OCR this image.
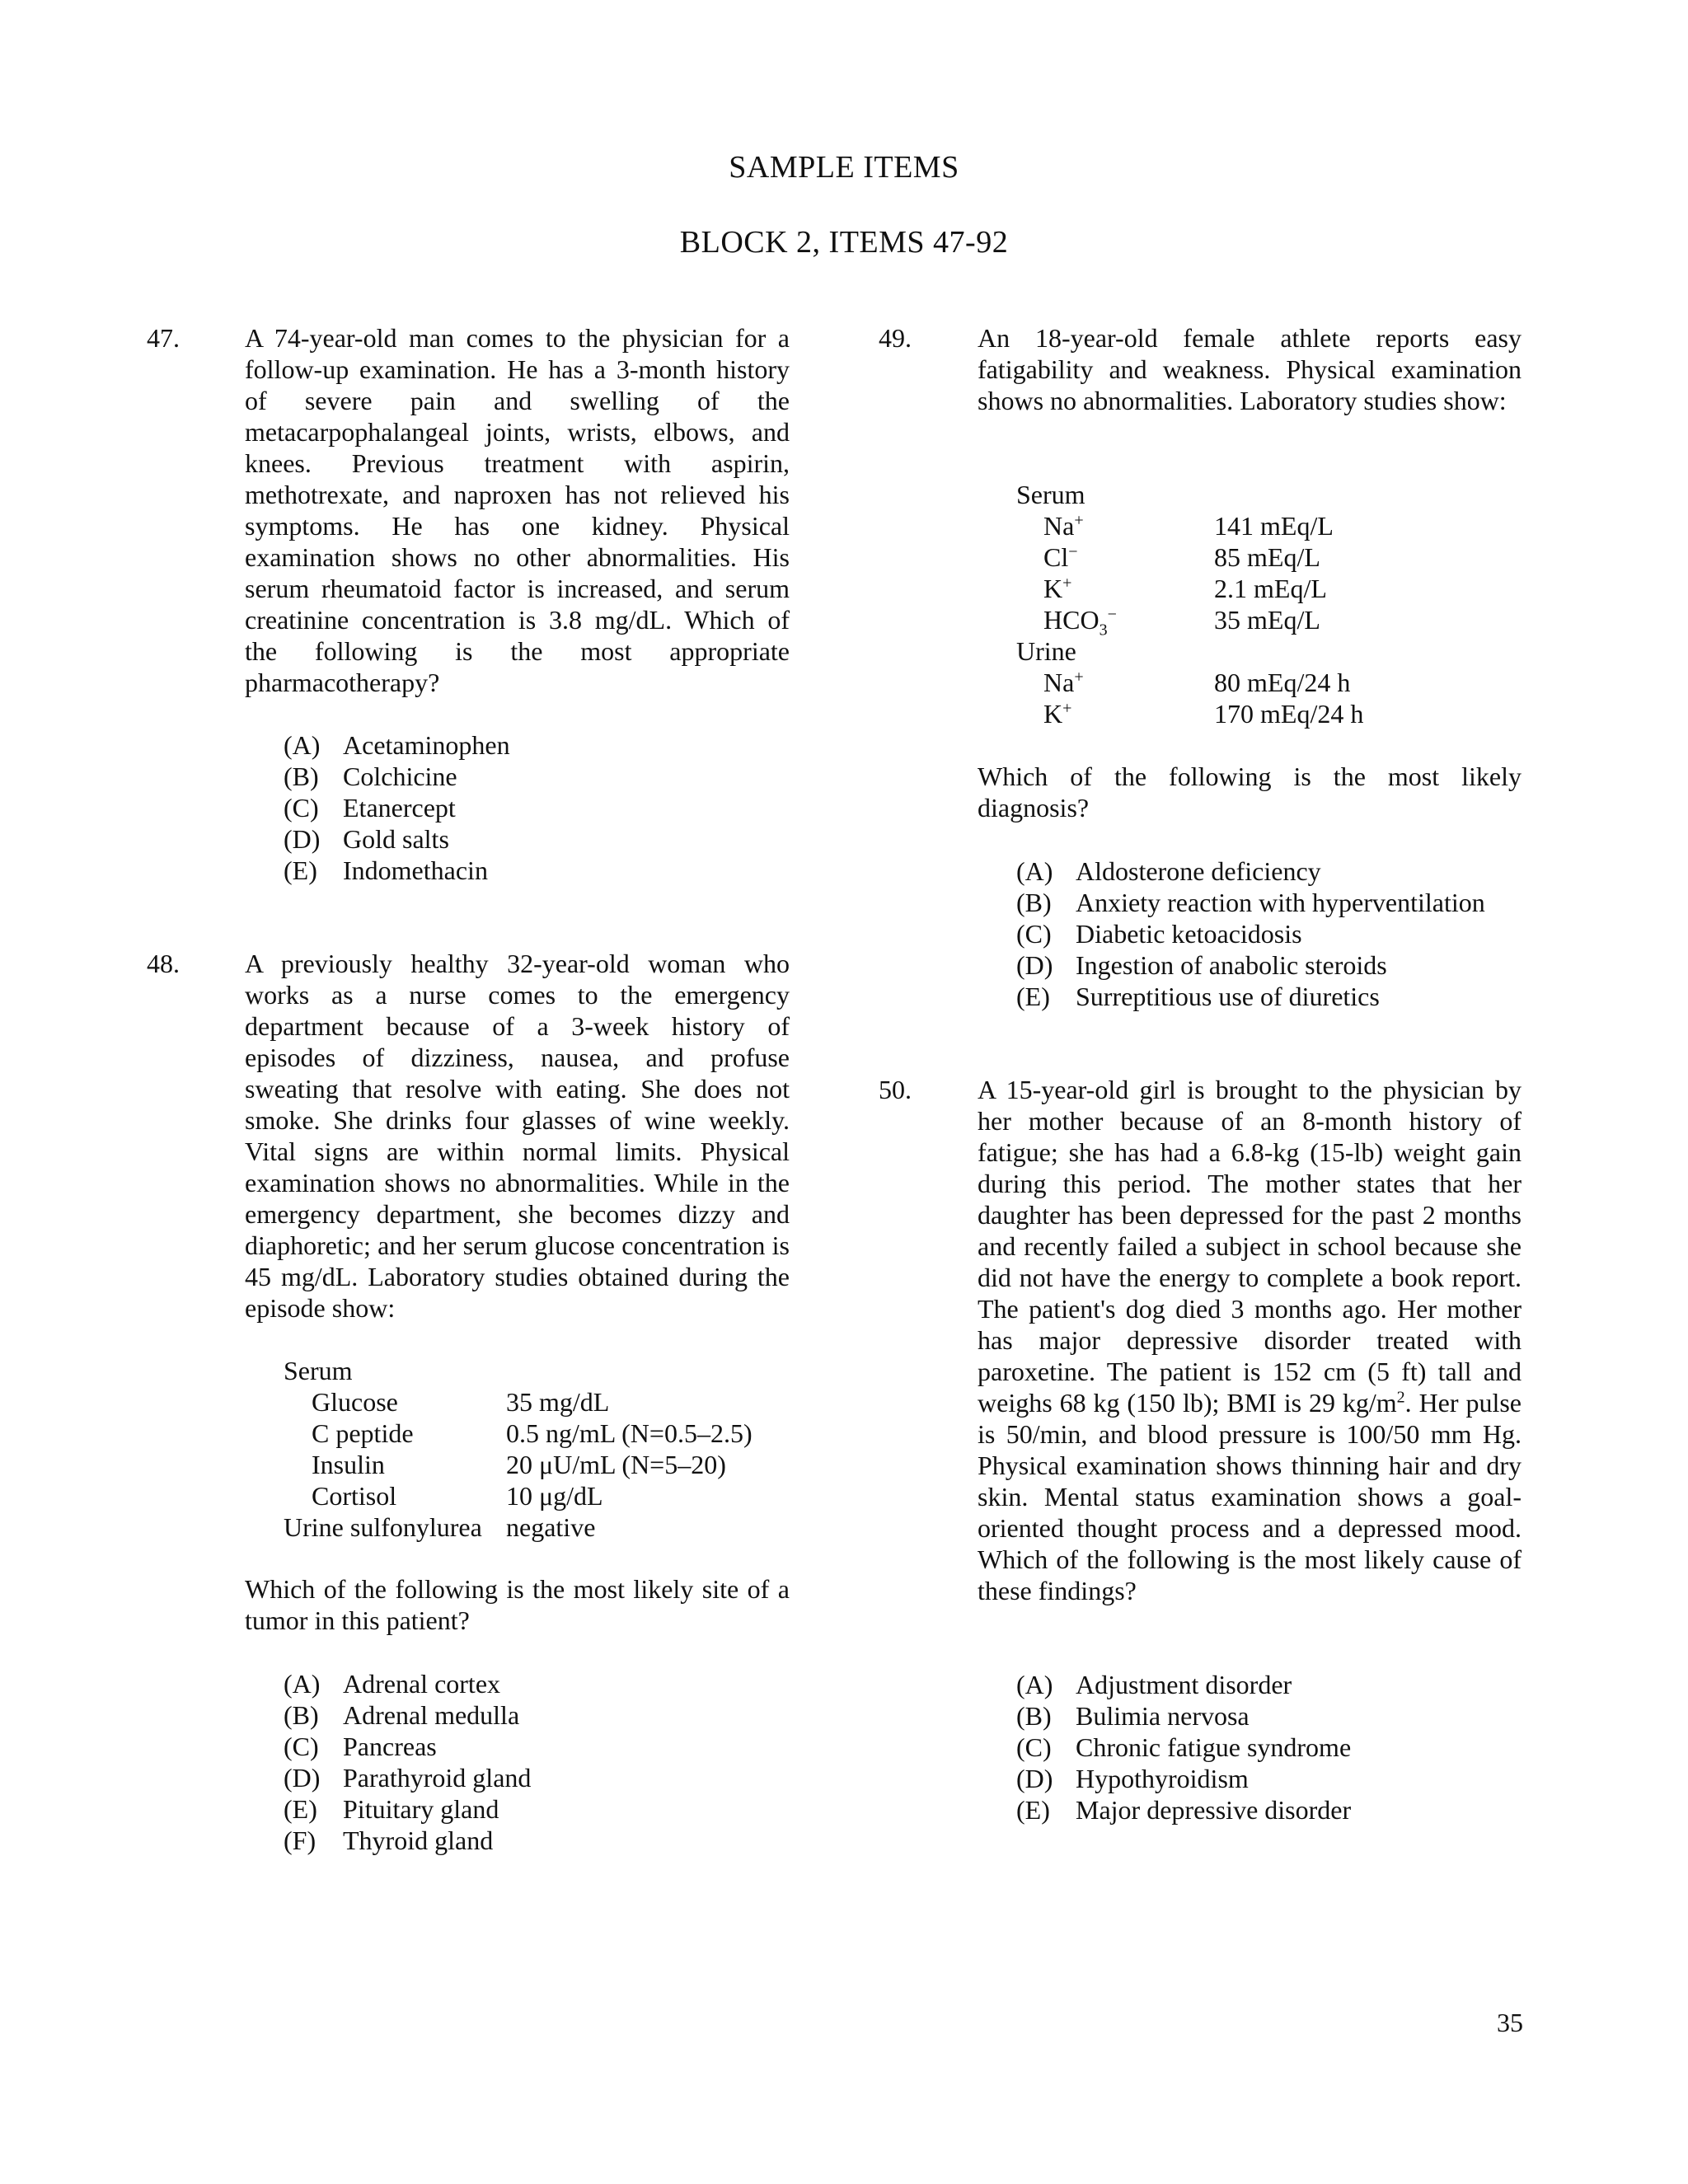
SAMPLE ITEMS
BLOCK 2, ITEMS 47-92
47. A 74-year-old man comes to the physician for a follow-up examination. He has a 3-month history of severe pain and swelling of the metacarpophalangeal joints, wrists, elbows, and knees. Previous treatment with aspirin, methotrexate, and naproxen has not relieved his symptoms. He has one kidney. Physical examination shows no other abnormalities. His serum rheumatoid factor is increased, and serum creatinine concentration is 3.8 mg/dL. Which of the following is the most appropriate pharmacotherapy?
(A) Acetaminophen
(B) Colchicine
(C) Etanercept
(D) Gold salts
(E) Indomethacin
48. A previously healthy 32-year-old woman who works as a nurse comes to the emergency department because of a 3-week history of episodes of dizziness, nausea, and profuse sweating that resolve with eating. She does not smoke. She drinks four glasses of wine weekly. Vital signs are within normal limits. Physical examination shows no abnormalities. While in the emergency department, she becomes dizzy and diaphoretic; and her serum glucose concentration is 45 mg/dL. Laboratory studies obtained during the episode show:
Serum
Glucose	35 mg/dL
C peptide	0.5 ng/mL (N=0.5–2.5)
Insulin	20 μU/mL (N=5–20)
Cortisol	10 μg/dL
Urine sulfonylurea negative
Which of the following is the most likely site of a tumor in this patient?
(A) Adrenal cortex
(B) Adrenal medulla
(C) Pancreas
(D) Parathyroid gland
(E) Pituitary gland
(F) Thyroid gland
49.	An 18-year-old female athlete reports easy fatigability and weakness. Physical examination shows no abnormalities. Laboratory studies show:
Serum
Na+	141 mEq/L
Cl−	85 mEq/L
K+	2.1 mEq/L
$HCO_3^-$	35 mEq/L
Urine
Na+	80 mEq/24 h
K+	170 mEq/24 h
Which of the following is the most likely diagnosis?
(A) Aldosterone deficiency
(B) Anxiety reaction with hyperventilation
(C) Diabetic ketoacidosis
(D) Ingestion of anabolic steroids
(E) Surreptitious use of diuretics
50.	A 15-year-old girl is brought to the physician by her mother because of an 8-month history of fatigue; she has had a 6.8-kg (15-lb) weight gain during this period. The mother states that her daughter has been depressed for the past 2 months and recently failed a subject in school because she did not have the energy to complete a book report. The patient's dog died 3 months ago. Her mother has major depressive disorder treated with paroxetine. The patient is 152 cm (5 ft) tall and weighs 68 kg (150 lb); BMI is 29 $kg/m^2$. Her pulse is 50/min, and blood pressure is 100/50 mm Hg. Physical examination shows thinning hair and dry skin. Mental status examination shows a goal-oriented thought process and a depressed mood. Which of the following is the most likely cause of these findings?
(A) Adjustment disorder
(B) Bulimia nervosa
(C) Chronic fatigue syndrome
(D) Hypothyroidism
(E) Major depressive disorder
35
